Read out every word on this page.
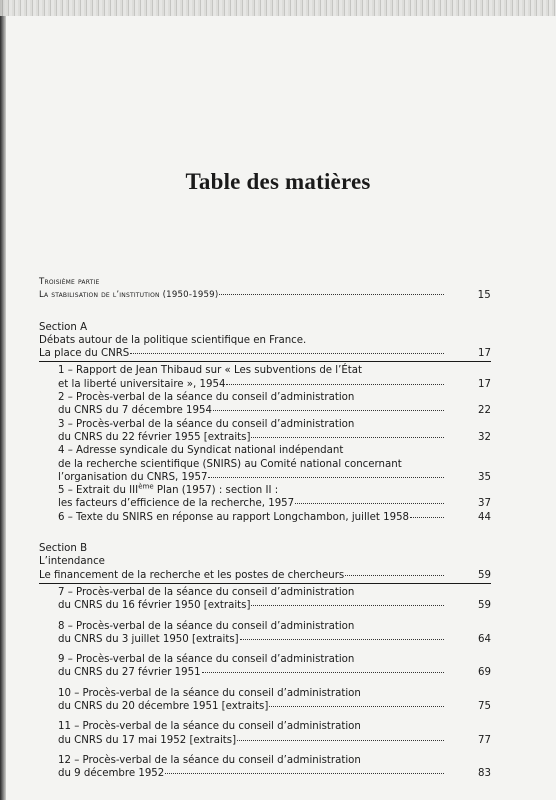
Table des matières
Troisième partie
La stabilisation de l’institution (1950-1959)	15
Section A
Débats autour de la politique scientifique en France.
La place du CNRS	17
1 – Rapport de Jean Thibaud sur « Les subventions de l’État
et la liberté universitaire », 1954	17
2 – Procès-verbal de la séance du conseil d’administration
du CNRS du 7 décembre 1954	22
3 – Procès-verbal de la séance du conseil d’administration
du CNRS du 22 février 1955 [extraits]	32
4 – Adresse syndicale du Syndicat national indépendant
de la recherche scientifique (SNIRS) au Comité national concernant
l’organisation du CNRS, 1957	35
5 – Extrait du IIIème Plan (1957) : section II :
les facteurs d’efficience de la recherche, 1957	37
6 – Texte du SNIRS en réponse au rapport Longchambon, juillet 1958	44
Section B
L’intendance
Le financement de la recherche et les postes de chercheurs	59
7 – Procès-verbal de la séance du conseil d’administration
du CNRS du 16 février 1950 [extraits]	59
8 – Procès-verbal de la séance du conseil d’administration
du CNRS du 3 juillet 1950 [extraits]	64
9 – Procès-verbal de la séance du conseil d’administration
du CNRS du 27 février 1951	69
10 – Procès-verbal de la séance du conseil d’administration
du CNRS du 20 décembre 1951 [extraits]	75
11 – Procès-verbal de la séance du conseil d’administration
du CNRS du 17 mai 1952 [extraits]	77
12 – Procès-verbal de la séance du conseil d’administration
du 9 décembre 1952	83
